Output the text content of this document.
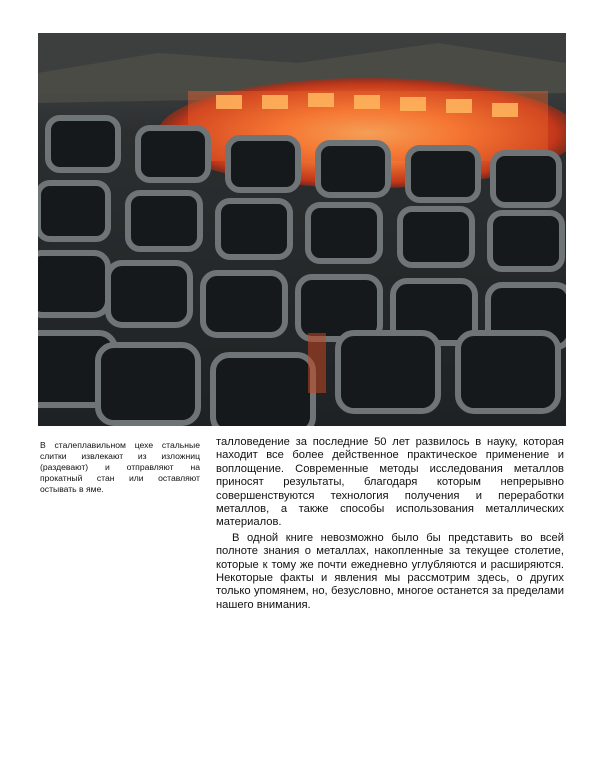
В сталеплавильном цехе стальные слитки извлекают из изложниц (раздевают) и отправляют на прокатный стан или оставляют остывать в яме.

талловедение за последние 50 лет развилось в науку, которая находит все более действенное практическое применение и воплощение. Современные методы исследования металлов приносят результаты, благодаря которым непрерывно совершенствуются технология получения и переработки металлов, а также способы использования металлических материалов.

В одной книге невозможно было бы представить во всей полноте знания о металлах, накопленные за текущее столетие, которые к тому же почти ежедневно углубляются и расширяются. Некоторые факты и явления мы рассмотрим здесь, о других только упомянем, но, безусловно, многое останется за пределами нашего внимания.
